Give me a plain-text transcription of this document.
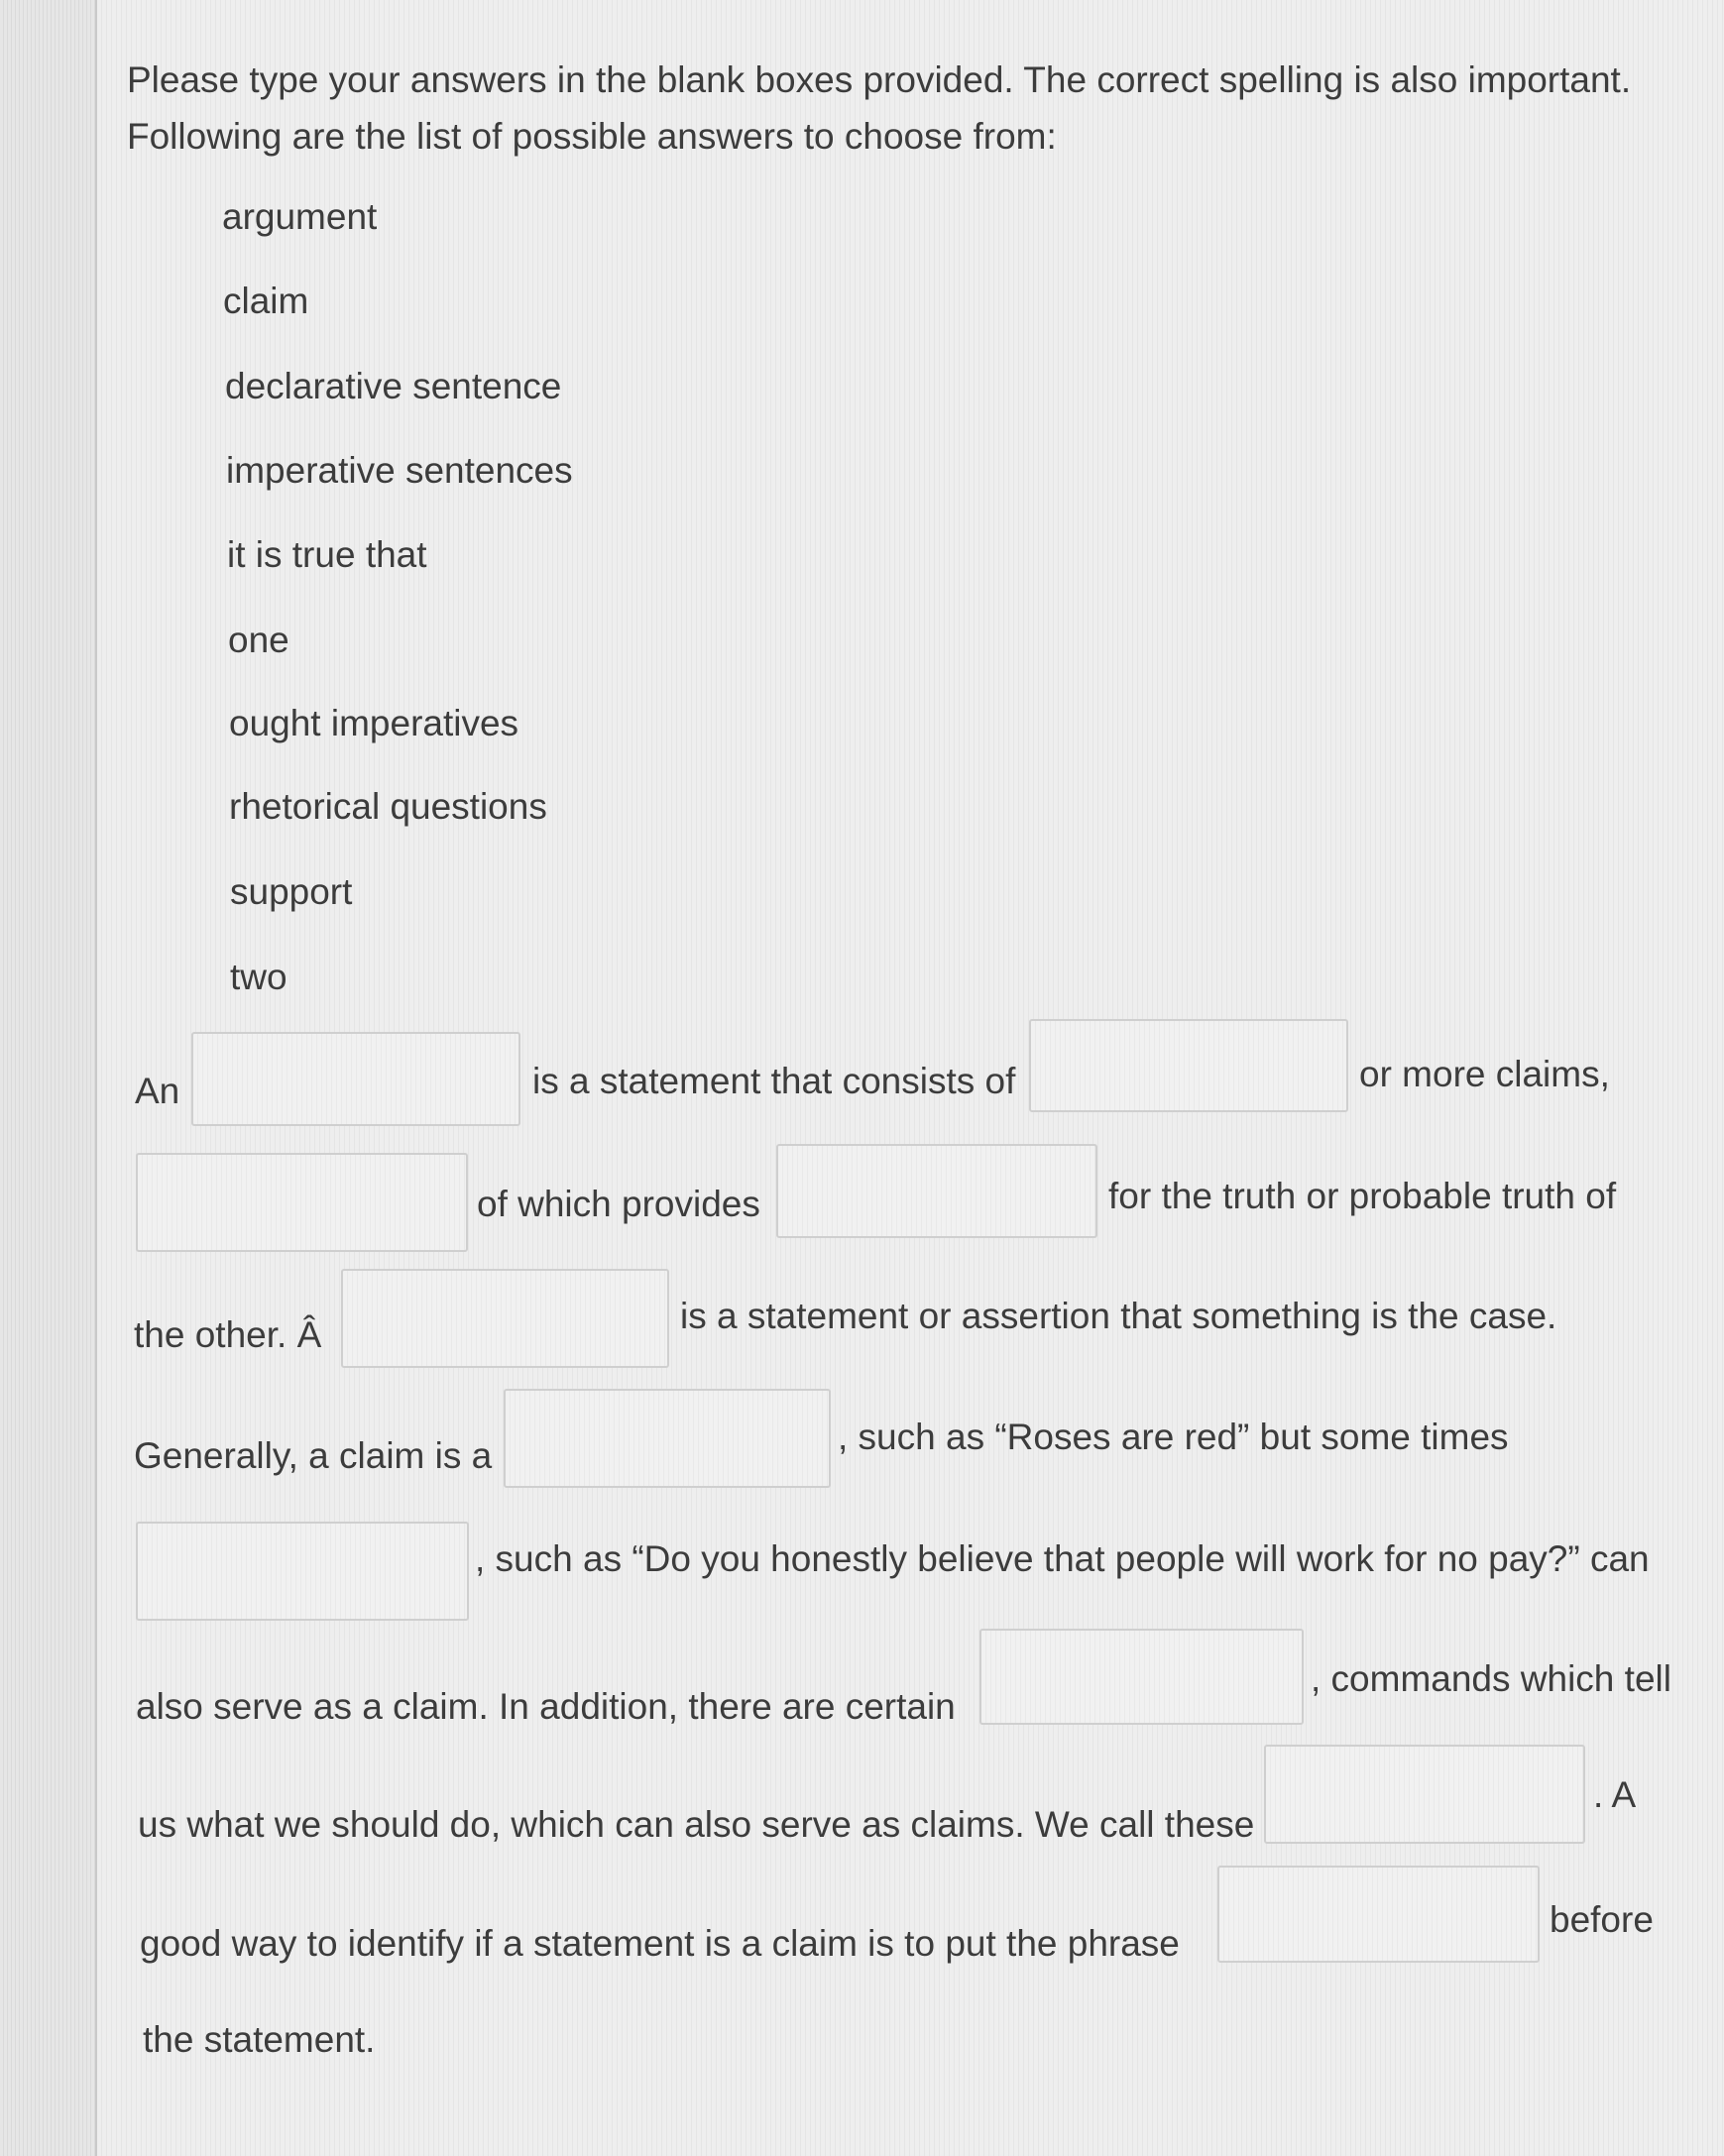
Please type your answers in the blank boxes provided. The correct spelling is also important.
Following are the list of possible answers to choose from:
argument
claim
declarative sentence
imperative sentences
it is true that
one
ought imperatives
rhetorical questions
support
two
An	is a statement that consists of	or more claims,
of which provides	for the truth or probable truth of
the other. Â	is a statement or assertion that something is the case.
Generally, a claim is a	, such as “Roses are red” but some times
, such as “Do you honestly believe that people will work for no pay?” can
also serve as a claim. In addition, there are certain
, commands which tell
us what we should do, which can also serve as claims. We call these
. A
good way to identify if a statement is a claim is to put the phrase
before
the statement.
